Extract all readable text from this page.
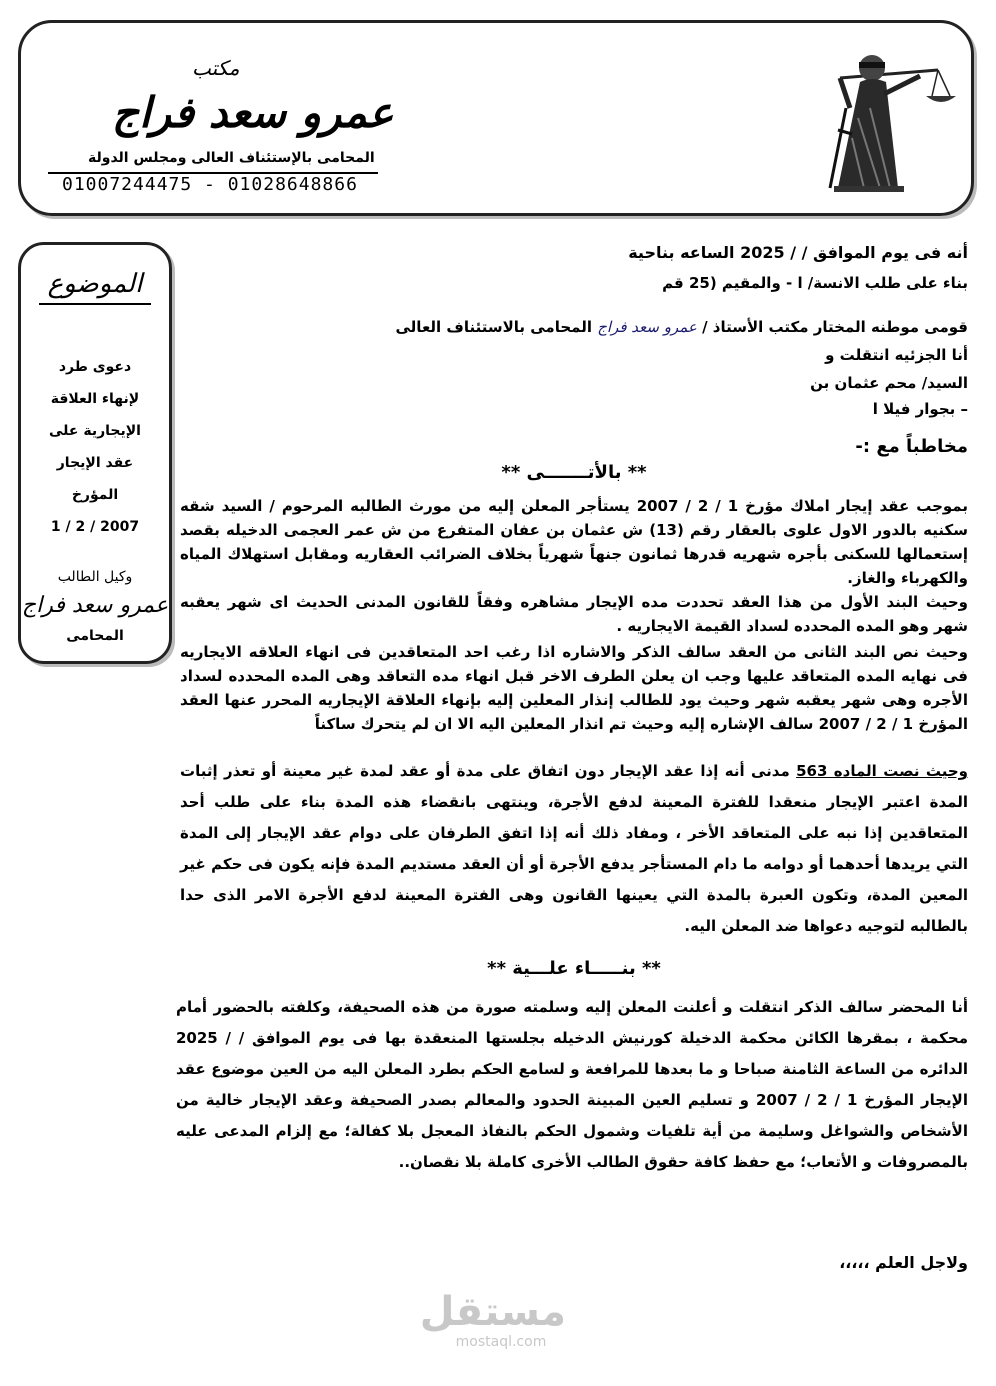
مكتب
عمرو سعد فراج
المحامى بالإستئناف العالى ومجلس الدولة
01007244475 - 01028648866
الموضوع
دعوى طرد
لإنهاء العلاقة
الإيجارية على
عقد الإيجار
المؤرخ
2007 / 2 / 1
وكيل الطالب
عمرو سعد فراج
المحامى
أنه فى يوم الموافق / / 2025 الساعه بناحية
بناء على طلب الانسة/ ا - والمقيم (25 قم
قومى موطنه المختار مكتب الأستاذ / عمرو سعد فراج المحامى بالاستئناف العالى
أنا الجزئيه انتقلت و
السيد/ محم عثمان بن
– بجوار فيلا ا
مخاطباً مع :-
** بالأتـــــــى **
بموجب عقد إيجار املاك مؤرخ 1 / 2 / 2007 يستأجر المعلن إليه من مورث الطالبه المرحوم / السيد شقه سكنيه بالدور الاول علوى بالعقار رقم (13) ش عثمان بن عفان المتفرع من ش عمر العجمى الدخيله بقصد إستعمالها للسكنى بأجره شهريه قدرها ثمانون جنهاً شهرياً بخلاف الضرائب العقاريه ومقابل استهلاك المياه والكهرباء والغاز.
وحيث البند الأول من هذا العقد تحددت مده الإيجار مشاهره وفقاً للقانون المدنى الحديث اى شهر يعقبه شهر وهو المده المحدده لسداد القيمة الايجاريه .
وحيث نص البند الثانى من العقد سالف الذكر والاشاره اذا رغب احد المتعاقدين فى انهاء العلاقه الايجاريه فى نهايه المده المتعاقد عليها وجب ان يعلن الطرف الاخر قبل انهاء مده التعاقد وهى المده المحدده لسداد الأجره وهى شهر يعقبه شهر وحيث يود للطالب إنذار المعلين إليه بإنهاء العلاقة الإيجاريه المحرر عنها العقد المؤرخ 1 / 2 / 2007 سالف الإشاره إليه وحيث تم انذار المعلين اليه الا ان لم يتحرك ساكناً
وحيث نصت الماده 563 مدنى أنه إذا عقد الإيجار دون اتفاق على مدة أو عقد لمدة غير معينة أو تعذر إثبات المدة اعتبر الإيجار منعقدا للفترة المعينة لدفع الأجرة، وينتهى بانقضاء هذه المدة بناء على طلب أحد المتعاقدين إذا نبه على المتعاقد الأخر ، ومفاد ذلك أنه إذا اتفق الطرفان على دوام عقد الإيجار إلى المدة التي يريدها أحدهما أو دوامه ما دام المستأجر يدفع الأجرة أو أن العقد مستديم المدة فإنه يكون فى حكم غير المعين المدة، وتكون العبرة بالمدة التي يعينها القانون وهى الفترة المعينة لدفع الأجرة الامر الذى حدا بالطالبه لتوجيه دعواها ضد المعلن اليه.
** بنـــــاء علـــية **
أنا المحضر سالف الذكر انتقلت و أعلنت المعلن إليه وسلمته صورة من هذه الصحيفة، وكلفته بالحضور أمام محكمة ، بمقرها الكائن محكمة الدخيلة كورنيش الدخيله بجلستها المنعقدة بها فى يوم الموافق / / 2025 الدائره من الساعة الثامنة صباحا و ما بعدها للمرافعة و لسامع الحكم بطرد المعلن اليه من العين موضوع عقد الإيجار المؤرخ 1 / 2 / 2007 و تسليم العين المبينة الحدود والمعالم بصدر الصحيفة وعقد الإيجار خالية من الأشخاص والشواغل وسليمة من أية تلفيات وشمول الحكم بالنفاذ المعجل بلا كفالة؛ مع إلزام المدعى عليه بالمصروفات و الأتعاب؛ مع حفظ كافة حقوق الطالب الأخرى كاملة بلا نقصان..
ولاجل العلم ،،،،،
مستقل
mostaql.com
